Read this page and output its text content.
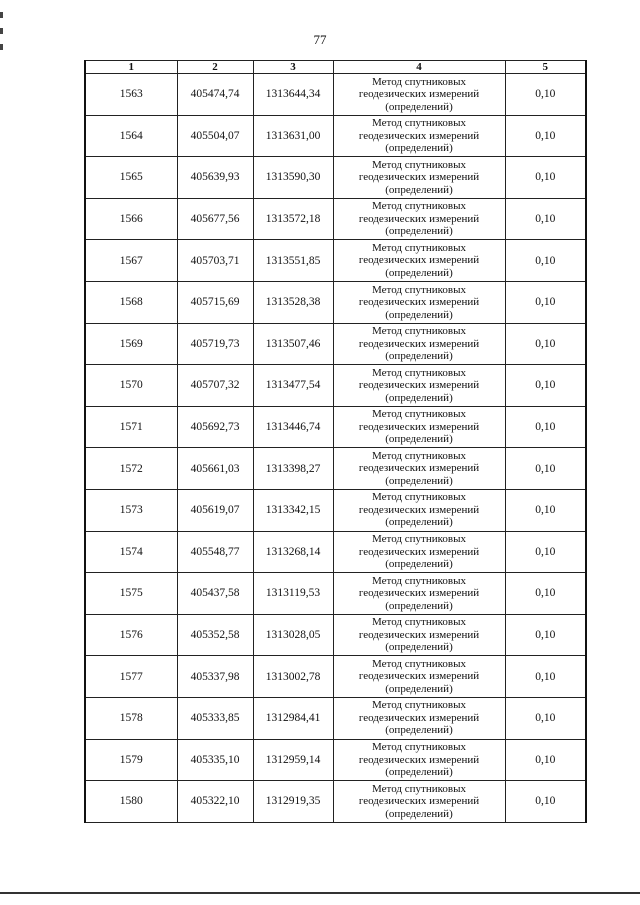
77
1	2	3	4	5
1563	405474,74	1313644,34	Метод спутниковых
геодезических измерений
(определений)	0,10
1564	405504,07	1313631,00	Метод спутниковых
геодезических измерений
(определений)	0,10
1565	405639,93	1313590,30	Метод спутниковых
геодезических измерений
(определений)	0,10
1566	405677,56	1313572,18	Метод спутниковых
геодезических измерений
(определений)	0,10
1567	405703,71	1313551,85	Метод спутниковых
геодезических измерений
(определений)	0,10
1568	405715,69	1313528,38	Метод спутниковых
геодезических измерений
(определений)	0,10
1569	405719,73	1313507,46	Метод спутниковых
геодезических измерений
(определений)	0,10
1570	405707,32	1313477,54	Метод спутниковых
геодезических измерений
(определений)	0,10
1571	405692,73	1313446,74	Метод спутниковых
геодезических измерений
(определений)	0,10
1572	405661,03	1313398,27	Метод спутниковых
геодезических измерений
(определений)	0,10
1573	405619,07	1313342,15	Метод спутниковых
геодезических измерений
(определений)	0,10
1574	405548,77	1313268,14	Метод спутниковых
геодезических измерений
(определений)	0,10
1575	405437,58	1313119,53	Метод спутниковых
геодезических измерений
(определений)	0,10
1576	405352,58	1313028,05	Метод спутниковых
геодезических измерений
(определений)	0,10
1577	405337,98	1313002,78	Метод спутниковых
геодезических измерений
(определений)	0,10
1578	405333,85	1312984,41	Метод спутниковых
геодезических измерений
(определений)	0,10
1579	405335,10	1312959,14	Метод спутниковых
геодезических измерений
(определений)	0,10
1580	405322,10	1312919,35	Метод спутниковых
геодезических измерений
(определений)	0,10
